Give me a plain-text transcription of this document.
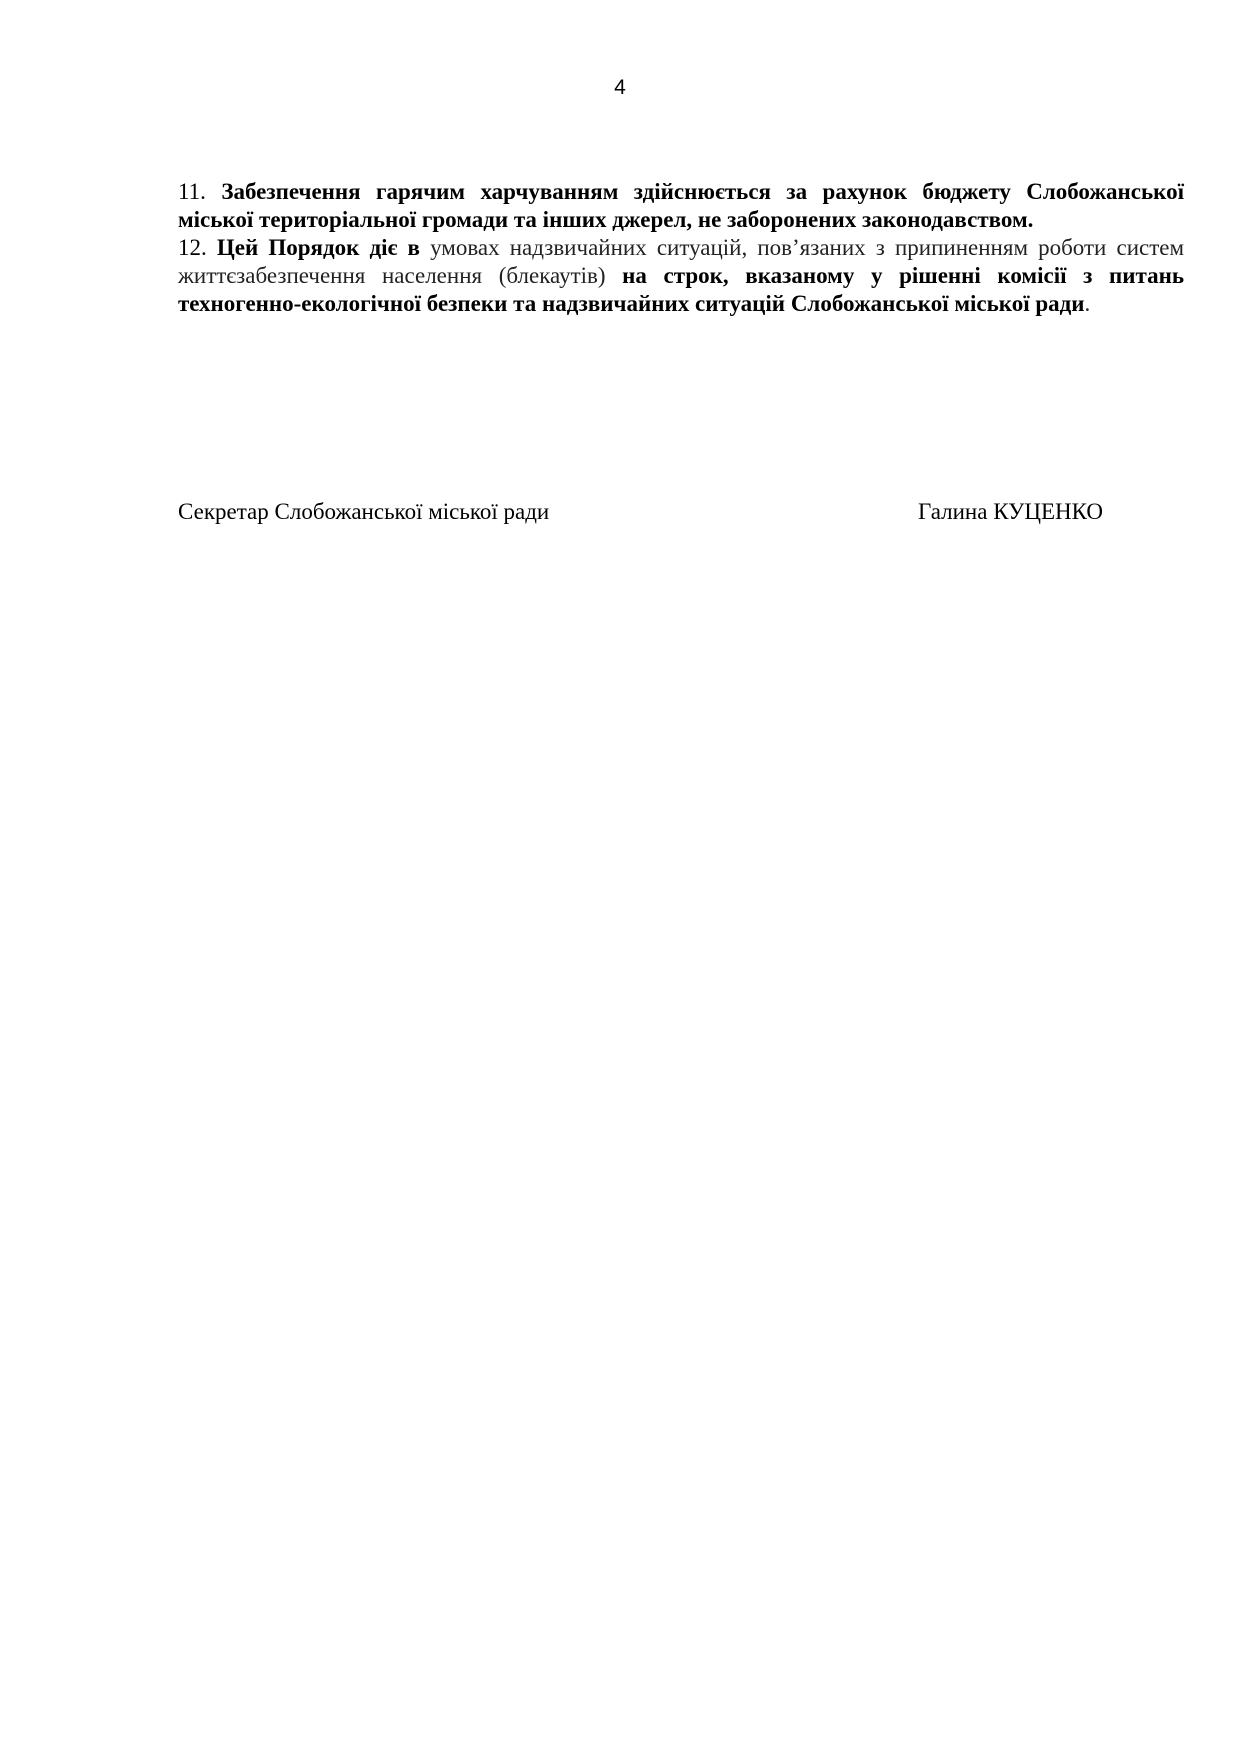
4

11. Забезпечення гарячим харчуванням здійснюється за рахунок бюджету Слобожанської міської територіальної громади та інших джерел, не заборонених законодавством.

12. Цей Порядок діє в умовах надзвичайних ситуацій, пов’язаних з припиненням роботи систем життєзабезпечення населення (блекаутів) на строк, вказаному у рішенні комісії з питань техногенно-екологічної безпеки та надзвичайних ситуацій Слобожанської міської ради.

Секретар Слобожанської міської ради	Галина КУЦЕНКО
